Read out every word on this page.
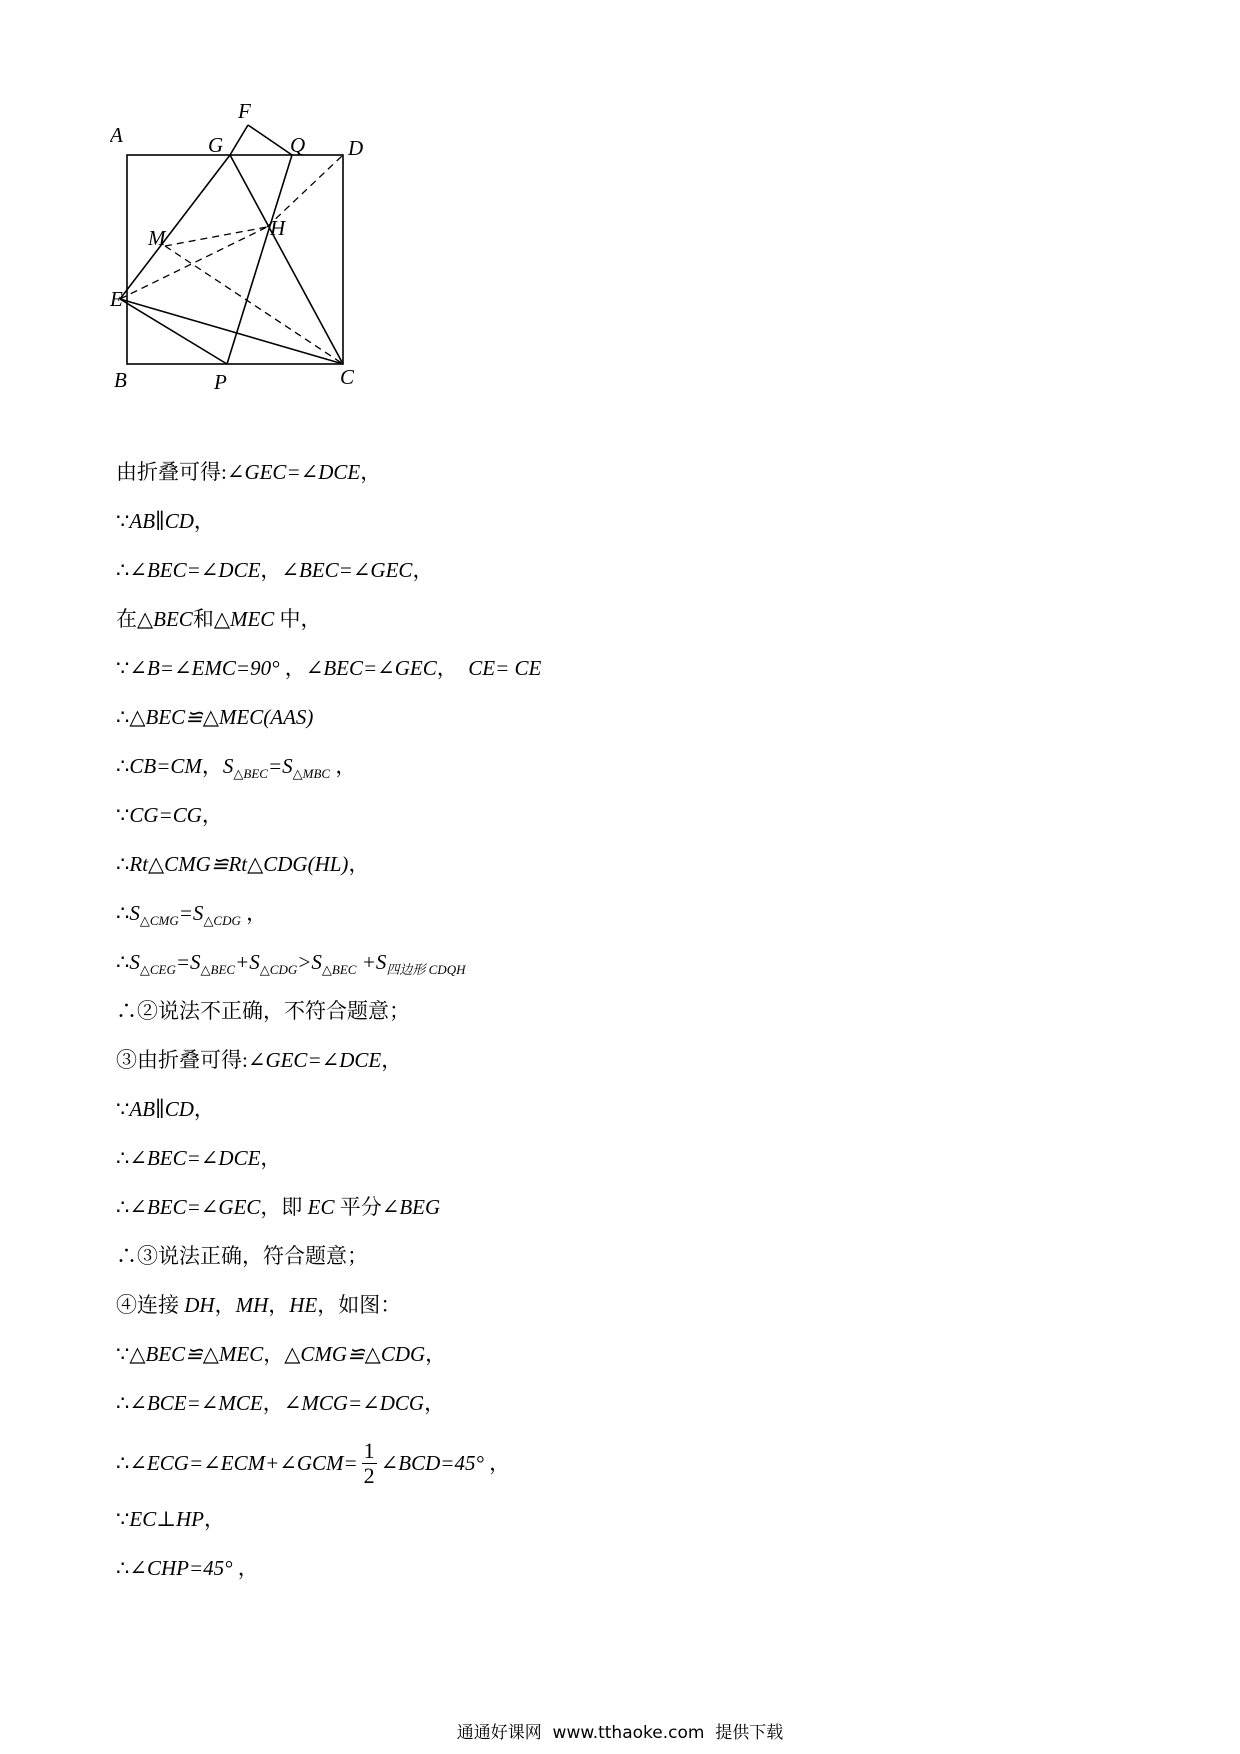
A
F
G	Q D
M	H
E
B	P	C
由折叠可得:∠GEC=∠DCE，
∵AB∥CD，
∴∠BEC=∠DCE，∠BEC=∠GEC，
在△BEC和△MEC 中，
∵∠B=∠EMC=90° ，∠BEC=∠GEC，  CE= CE
∴△BEC≌△MEC(AAS)
∴CB=CM，$S_{\triangle BEC}=S_{\triangle MBC}$ ，
∵CG=CG，
∴Rt△CMG≌Rt△CDG(HL)，
$\therefore S_{\triangle CMG}=S_{\triangle CDG}$ ，
$\therefore S_{\triangle CEG}=S_{\triangle BEC}+S_{\triangle CDG}>S_{\triangle BEC} +S_{四边形 CDQH}$
∴②说法不正确，不符合题意；
③由折叠可得:∠GEC=∠DCE，
∵AB∥CD，
∴∠BEC=∠DCE，
∴∠BEC=∠GEC，即 EC 平分∠BEG
∴③说法正确，符合题意；
④连接 DH，MH，HE，如图：
∵△BEC≌△MEC，△CMG≌△CDG，
∴∠BCE=∠MCE，∠MCG=∠DCG，
∴∠ECG=∠ECM+∠GCM= $\frac{1}{2}$ ∠BCD=45° ，
∵EC⊥HP，
∴∠CHP=45° ，
通通好课网  www.tthaoke.com  提供下载
